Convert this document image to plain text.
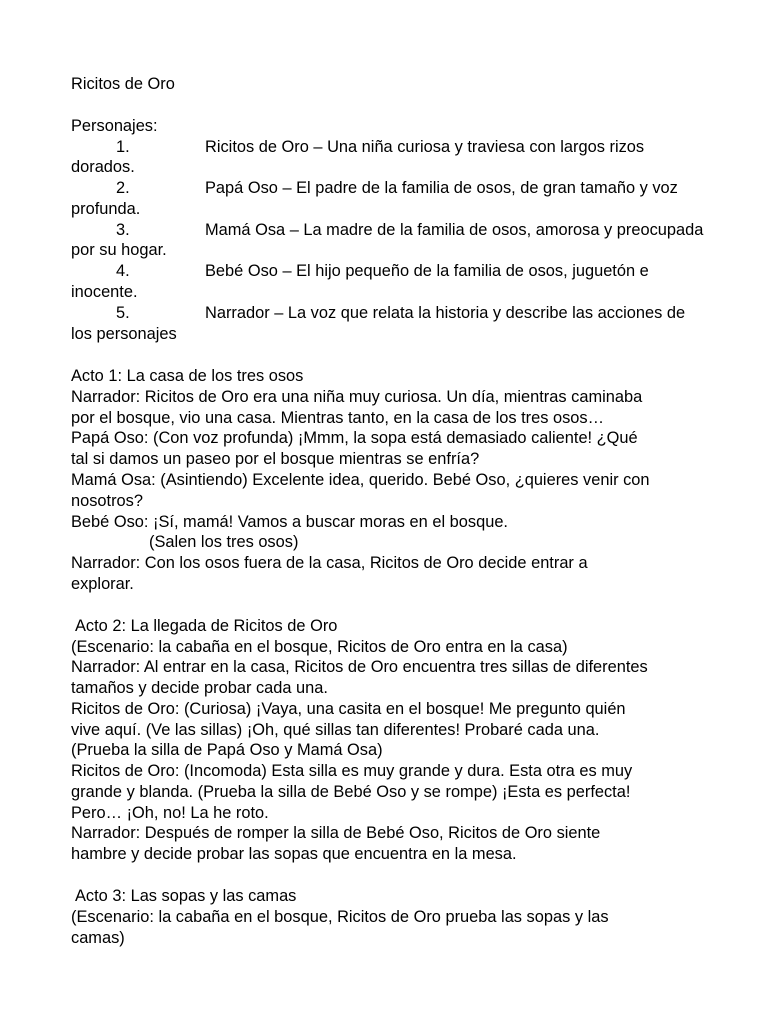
Ricitos de Oro

Personajes:

1.	Ricitos de Oro – Una niña curiosa y traviesa con largos rizos

dorados.

2.	Papá Oso – El padre de la familia de osos, de gran tamaño y voz

profunda.

3.	Mamá Osa – La madre de la familia de osos, amorosa y preocupada

por su hogar.

4.	Bebé Oso – El hijo pequeño de la familia de osos, juguetón e

inocente.

5.	Narrador – La voz que relata la historia y describe las acciones de

los personajes

Acto 1: La casa de los tres osos

Narrador: Ricitos de Oro era una niña muy curiosa. Un día, mientras caminaba

por el bosque, vio una casa. Mientras tanto, en la casa de los tres osos…

Papá Oso: (Con voz profunda) ¡Mmm, la sopa está demasiado caliente! ¿Qué

tal si damos un paseo por el bosque mientras se enfría?

Mamá Osa: (Asintiendo) Excelente idea, querido. Bebé Oso, ¿quieres venir con

nosotros?

Bebé Oso: ¡Sí, mamá! Vamos a buscar moras en el bosque.

(Salen los tres osos)

Narrador: Con los osos fuera de la casa, Ricitos de Oro decide entrar a

explorar.

Acto 2: La llegada de Ricitos de Oro

(Escenario: la cabaña en el bosque, Ricitos de Oro entra en la casa)

Narrador: Al entrar en la casa, Ricitos de Oro encuentra tres sillas de diferentes

tamaños y decide probar cada una.

Ricitos de Oro: (Curiosa) ¡Vaya, una casita en el bosque! Me pregunto quién

vive aquí. (Ve las sillas) ¡Oh, qué sillas tan diferentes! Probaré cada una.

(Prueba la silla de Papá Oso y Mamá Osa)

Ricitos de Oro: (Incomoda) Esta silla es muy grande y dura. Esta otra es muy

grande y blanda. (Prueba la silla de Bebé Oso y se rompe) ¡Esta es perfecta!

Pero… ¡Oh, no! La he roto.

Narrador: Después de romper la silla de Bebé Oso, Ricitos de Oro siente

hambre y decide probar las sopas que encuentra en la mesa.

Acto 3: Las sopas y las camas

(Escenario: la cabaña en el bosque, Ricitos de Oro prueba las sopas y las

camas)
